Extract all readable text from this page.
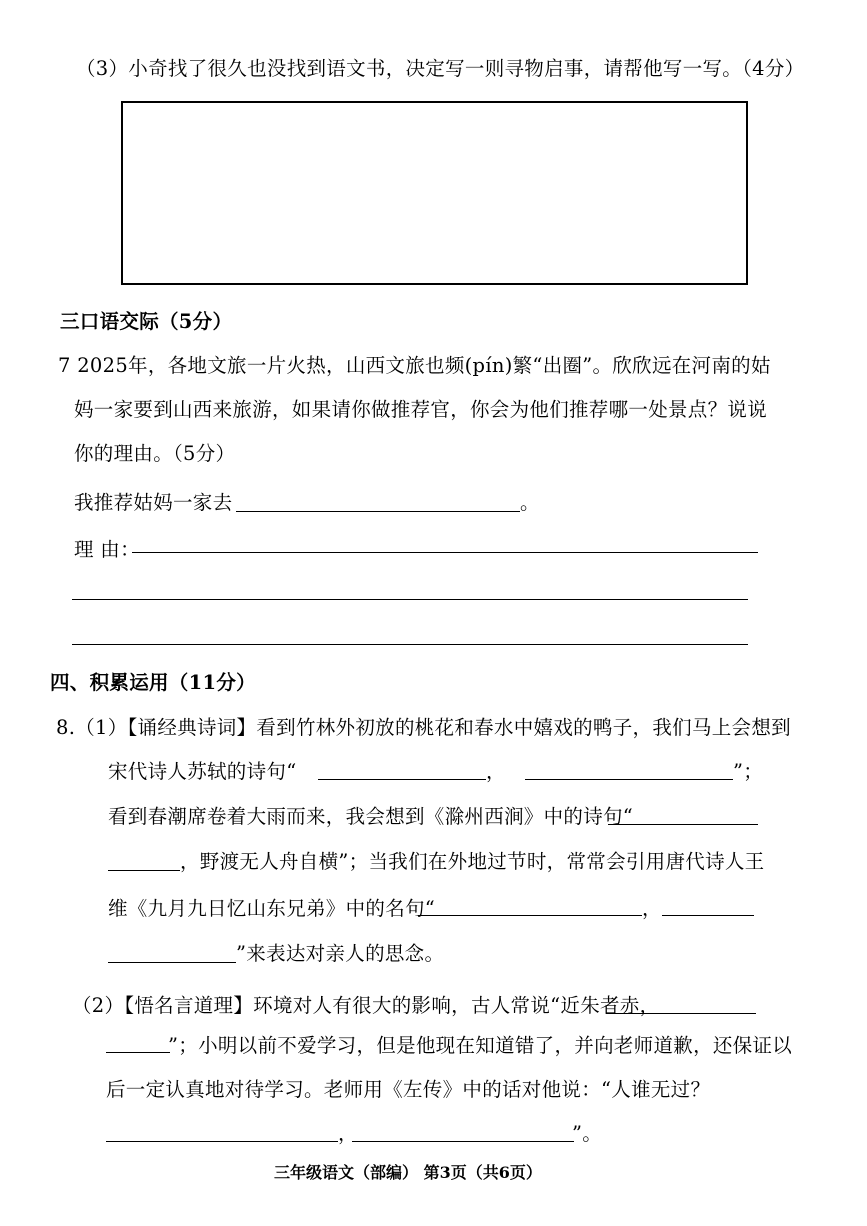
（3）小奇找了很久也没找到语文书，决定写一则寻物启事，请帮他写一写。（4分）
三口语交际（5分）
7 2025年，各地文旅一片火热，山西文旅也频(pín)繁“出圈”。欣欣远在河南的姑
妈一家要到山西来旅游，如果请你做推荐官，你会为他们推荐哪一处景点？说说
你的理由。（5分）
我推荐姑妈一家去	。
理 由：
四、积累运用（11分）
8.（1）【诵经典诗词】看到竹林外初放的桃花和春水中嬉戏的鸭子，我们马上会想到
宋代诗人苏轼的诗句“	，	”；
看到春潮席卷着大雨而来，我会想到《滁州西涧》中的诗句“
，野渡无人舟自横”；当我们在外地过节时，常常会引用唐代诗人王
维《九月九日忆山东兄弟》中的名句“	，
”来表达对亲人的思念。
（2）【悟名言道理】环境对人有很大的影响，古人常说“近朱者赤，
”；小明以前不爱学习，但是他现在知道错了，并向老师道歉，还保证以
后一定认真地对待学习。老师用《左传》中的话对他说：“人谁无过？
，	”。
三年级语文（部编） 第3页（共6页）
